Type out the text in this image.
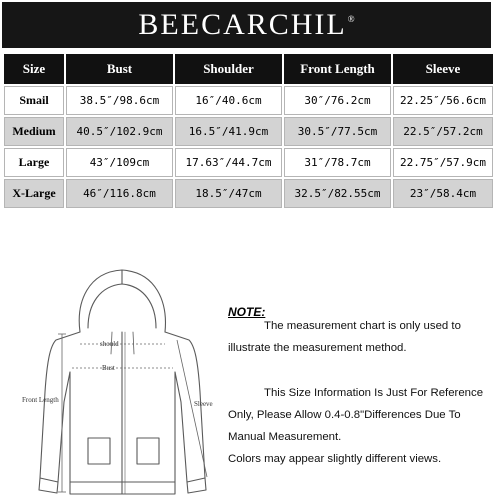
BEECARCHIL®
Size	Bust	Shoulder	Front Length	Sleeve
Smail	38.5″/98.6cm	16″/40.6cm	30″/76.2cm	22.25″/56.6cm
Medium	40.5″/102.9cm	16.5″/41.9cm	30.5″/77.5cm	22.5″/57.2cm
Large	43″/109cm	17.63″/44.7cm	31″/78.7cm	22.75″/57.9cm
X-Large	46″/116.8cm	18.5″/47cm	32.5″/82.55cm	23″/58.4cm
should
Bust
Front Length	Sleeve
NOTE:
The measurement chart is only used to
illustrate the measurement method.
This Size Information Is Just For Reference
Only, Please Allow 0.4-0.8"Differences Due To
Manual Measurement.
Colors may appear slightly different views.
